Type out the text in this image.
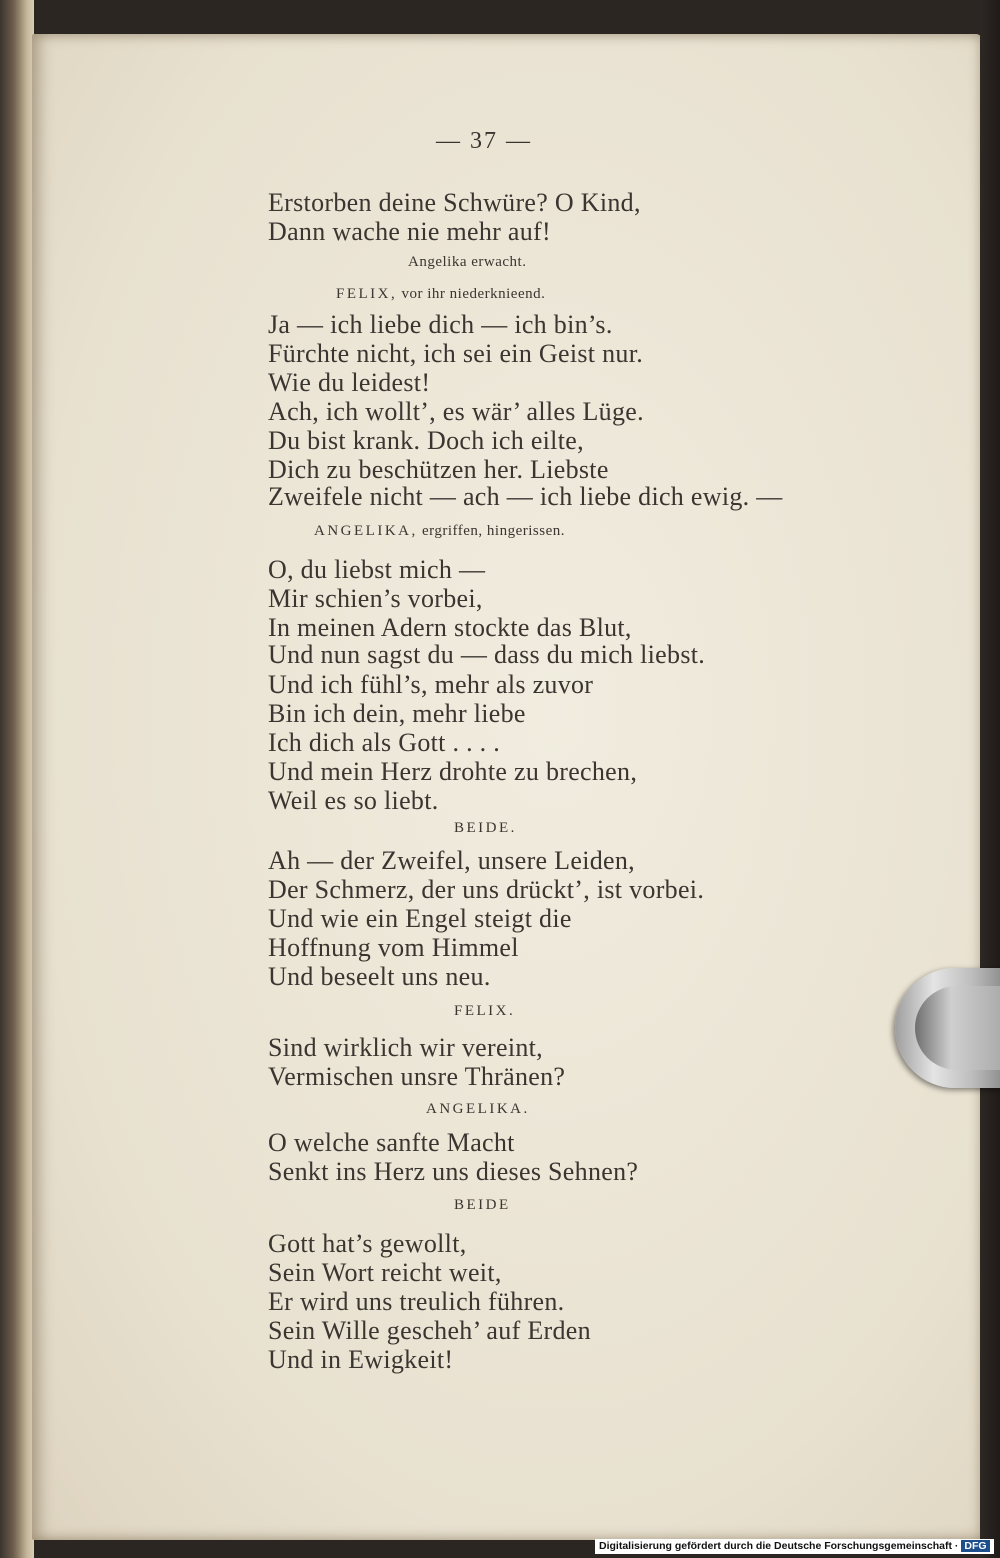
— 37 —
Erstorben deine Schwüre? O Kind,
Dann wache nie mehr auf!
Angelika erwacht.
FELIX, vor ihr niederknieend.
Ja — ich liebe dich — ich bin’s.
Fürchte nicht, ich sei ein Geist nur.
Wie du leidest!
Ach, ich wollt’, es wär’ alles Lüge.
Du bist krank. Doch ich eilte,
Dich zu beschützen her. Liebste
Zweifele nicht — ach — ich liebe dich ewig. —
ANGELIKA, ergriffen, hingerissen.
O, du liebst mich —
Mir schien’s vorbei,
In meinen Adern stockte das Blut,
Und nun sagst du — dass du mich liebst.
Und ich fühl’s, mehr als zuvor
Bin ich dein, mehr liebe
Ich dich als Gott . . . .
Und mein Herz drohte zu brechen,
Weil es so liebt.
BEIDE.
Ah — der Zweifel, unsere Leiden,
Der Schmerz, der uns drückt’, ist vorbei.
Und wie ein Engel steigt die
Hoffnung vom Himmel
Und beseelt uns neu.
FELIX.
Sind wirklich wir vereint,
Vermischen unsre Thränen?
ANGELIKA.
O welche sanfte Macht
Senkt ins Herz uns dieses Sehnen?
BEIDE
Gott hat’s gewollt,
Sein Wort reicht weit,
Er wird uns treulich führen.
Sein Wille gescheh’ auf Erden
Und in Ewigkeit!
Digitalisierung gefördert durch die Deutsche Forschungsgemeinschaft · DFG
